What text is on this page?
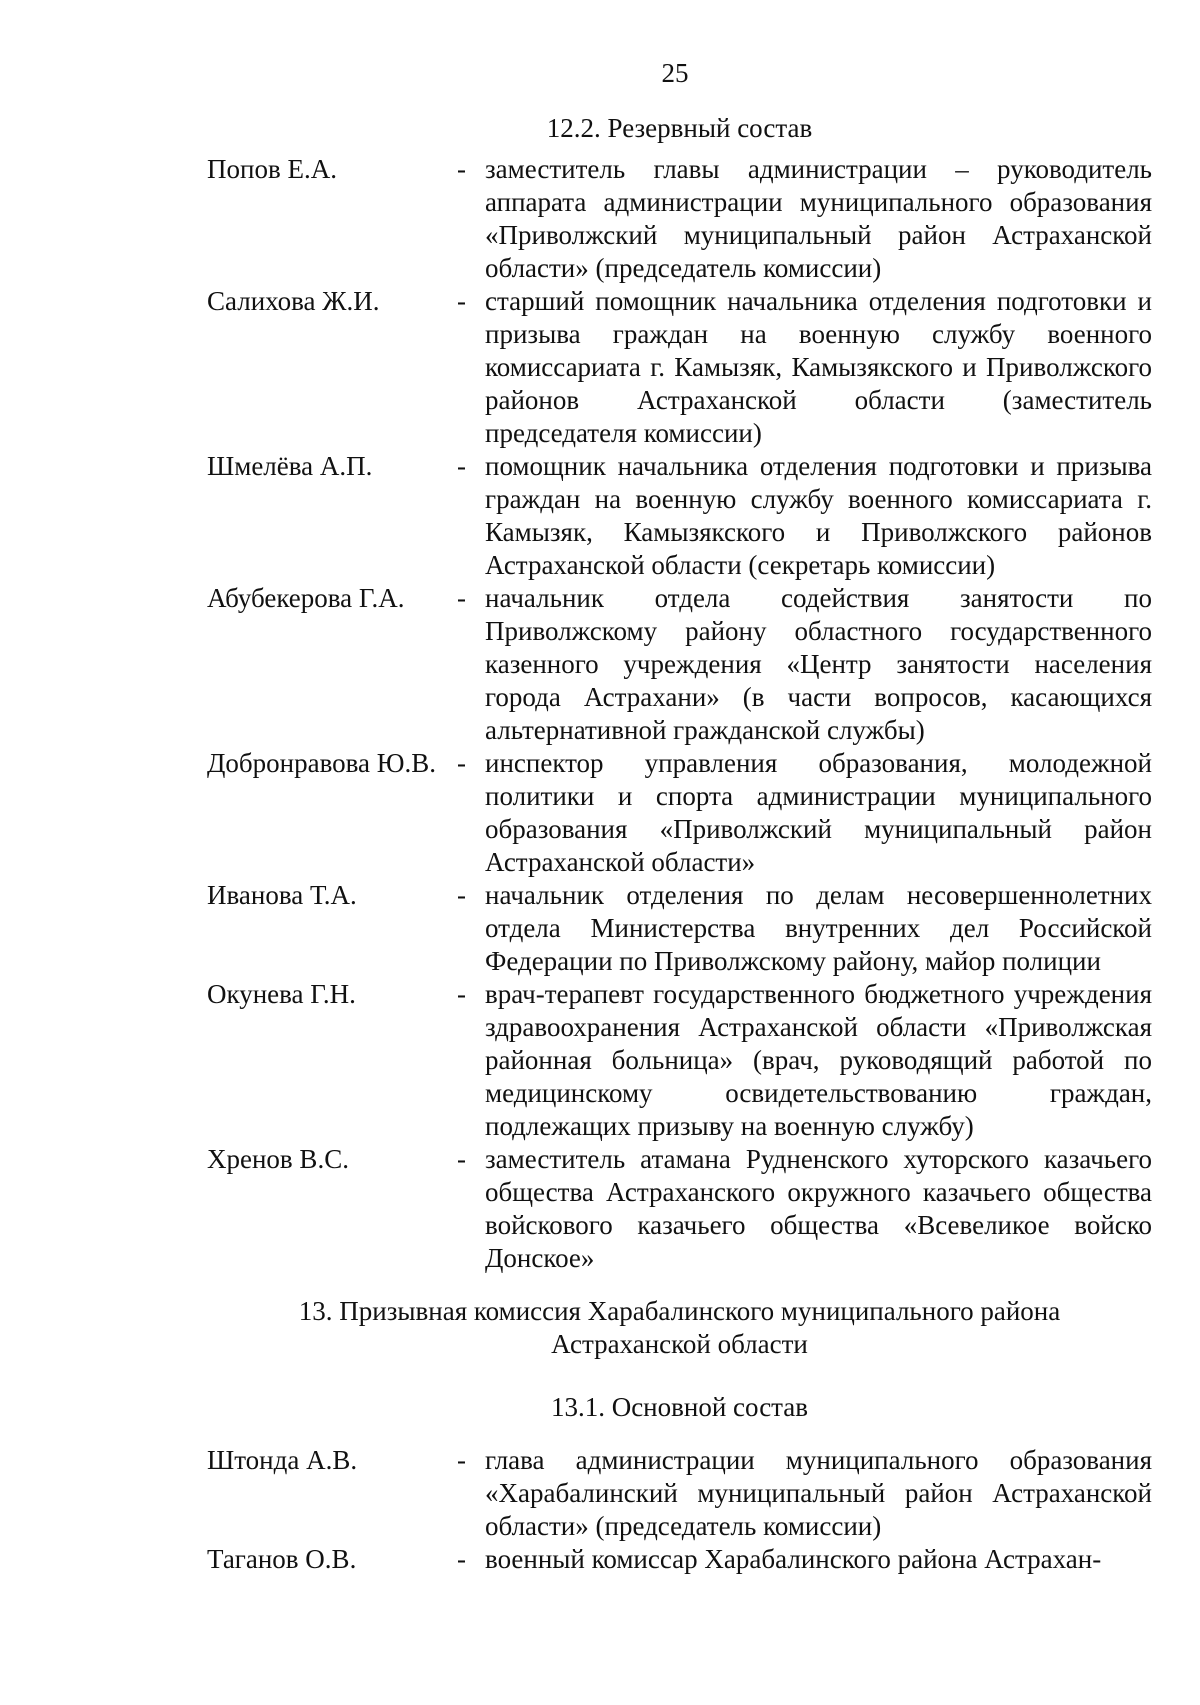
25

12.2. Резервный состав

Попов Е.А.	- заместитель главы администрации – руководитель аппарата администрации муниципального образования «Приволжский муниципальный район Астраханской области» (председатель комиссии)
Салихова Ж.И.	- старший помощник начальника отделения подготовки и призыва граждан на военную службу военного комиссариата г. Камызяк, Камызякского и Приволжского районов Астраханской области (заместитель председателя комиссии)
Шмелёва А.П.	- помощник начальника отделения подготовки и призыва граждан на военную службу военного комиссариата г. Камызяк, Камызякского и Приволжского районов Астраханской области (секретарь комиссии)
Абубекерова Г.А.	- начальник отдела содействия занятости по Приволжскому району областного государственного казенного учреждения «Центр занятости населения города Астрахани» (в части вопросов, касающихся альтернативной гражданской службы)
Добронравова Ю.В. - инспектор управления образования, молодежной политики и спорта администрации муниципального образования «Приволжский муниципальный район Астраханской области»
Иванова Т.А.	- начальник отделения по делам несовершеннолетних отдела Министерства внутренних дел Российской Федерации по Приволжскому району, майор полиции
Окунева Г.Н.	- врач-терапевт государственного бюджетного учреждения здравоохранения Астраханской области «Приволжская районная больница» (врач, руководящий работой по медицинскому освидетельствованию граждан, подлежащих призыву на военную службу)
Хренов В.С.	- заместитель атамана Рудненского хуторского казачьего общества Астраханского окружного казачьего общества войскового казачьего общества «Всевеликое войско Донское»

13. Призывная комиссия Харабалинского муниципального района

Астраханской области

13.1. Основной состав

Штонда А.В.	- глава администрации муниципального образования «Харабалинский муниципальный район Астраханской области» (председатель комиссии)
Таганов О.В.	- военный комиссар Харабалинского района Астрахан-
